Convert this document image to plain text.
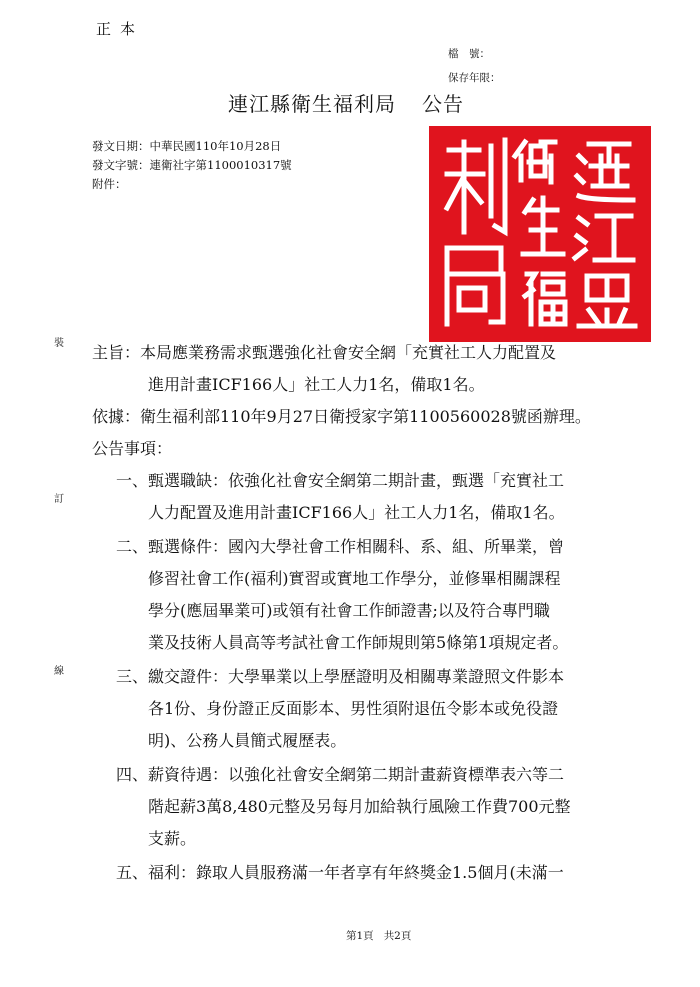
正本
檔　號：
保存年限：
連江縣衛生福利局 公告
發文日期：中華民國110年10月28日
發文字號：連衛社字第1100010317號
附件：
裝
訂
線
主旨：本局應業務需求甄選強化社會安全網「充實社工人力配置及
進用計畫ICF166人」社工人力1名，備取1名。
依據：衛生福利部110年9月27日衛授家字第1100560028號函辦理。
公告事項：
一、甄選職缺：依強化社會安全網第二期計畫，甄選「充實社工
人力配置及進用計畫ICF166人」社工人力1名，備取1名。
二、甄選條件：國內大學社會工作相關科、系、組、所畢業，曾
修習社會工作(福利)實習或實地工作學分，並修畢相關課程
學分(應屆畢業可)或領有社會工作師證書;以及符合專門職
業及技術人員高等考試社會工作師規則第5條第1項規定者。
三、繳交證件：大學畢業以上學歷證明及相關專業證照文件影本
各1份、身份證正反面影本、男性須附退伍令影本或免役證
明)、公務人員簡式履歷表。
四、薪資待遇：以強化社會安全網第二期計畫薪資標準表六等二
階起薪3萬8,480元整及另每月加給執行風險工作費700元整
支薪。
五、福利：錄取人員服務滿一年者享有年終獎金1.5個月(未滿一
第1頁 共2頁
